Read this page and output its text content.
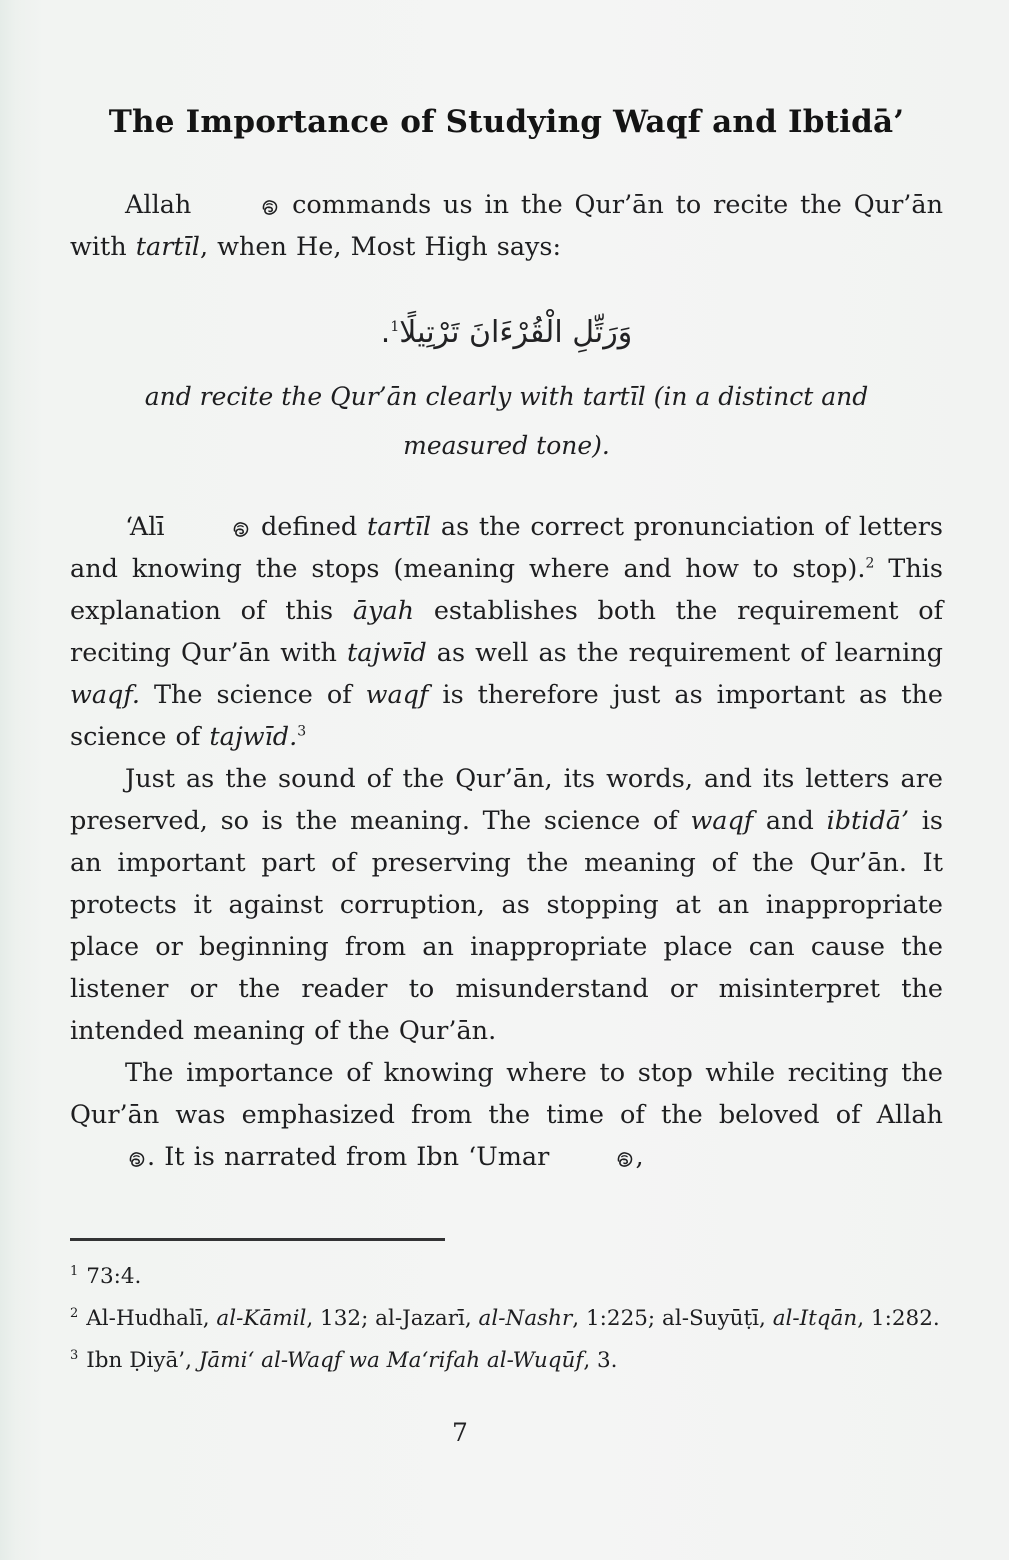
The Importance of Studying Waqf and Ibtidā’

Allah	commands us in the Qur’ān to recite the Qur’ān with tartīl, when He, Most High says:

وَرَتِّلِ الْقُرْءَانَ تَرْتِيلًا$^1$.
and recite the Qur’ān clearly with tartīl (in a distinct and
measured tone).

‘Alī	defined tartīl as the correct pronunciation of letters and knowing the stops (meaning where and how to stop).$^2$ This explanation of this āyah establishes both the requirement of reciting Qur’ān with tajwīd as well as the requirement of learning waqf. The science of waqf is therefore just as important as the science of tajwīd.$^3$

Just as the sound of the Qur’ān, its words, and its letters are preserved, so is the meaning. The science of waqf and ibtidā’ is an important part of preserving the meaning of the Qur’ān. It protects it against corruption, as stopping at an inappropriate place or beginning from an inappropriate place can cause the listener or the reader to misunderstand or misinterpret the intended meaning of the Qur’ān.

The importance of knowing where to stop while reciting the Qur’ān was emphasized from the time of the beloved of Allah . It is narrated from Ibn ‘Umar	,

$^1$ 73:4.

$^2$ Al-Hudhalī, al-Kāmil, 132; al-Jazarī, al-Nashr, 1:225; al-Suyūṭī, al-Itqān, 1:282.

$^3$ Ibn Ḍiyā’, Jāmi‘ al-Waqf wa Ma‘rifah al-Wuqūf, 3.

7
